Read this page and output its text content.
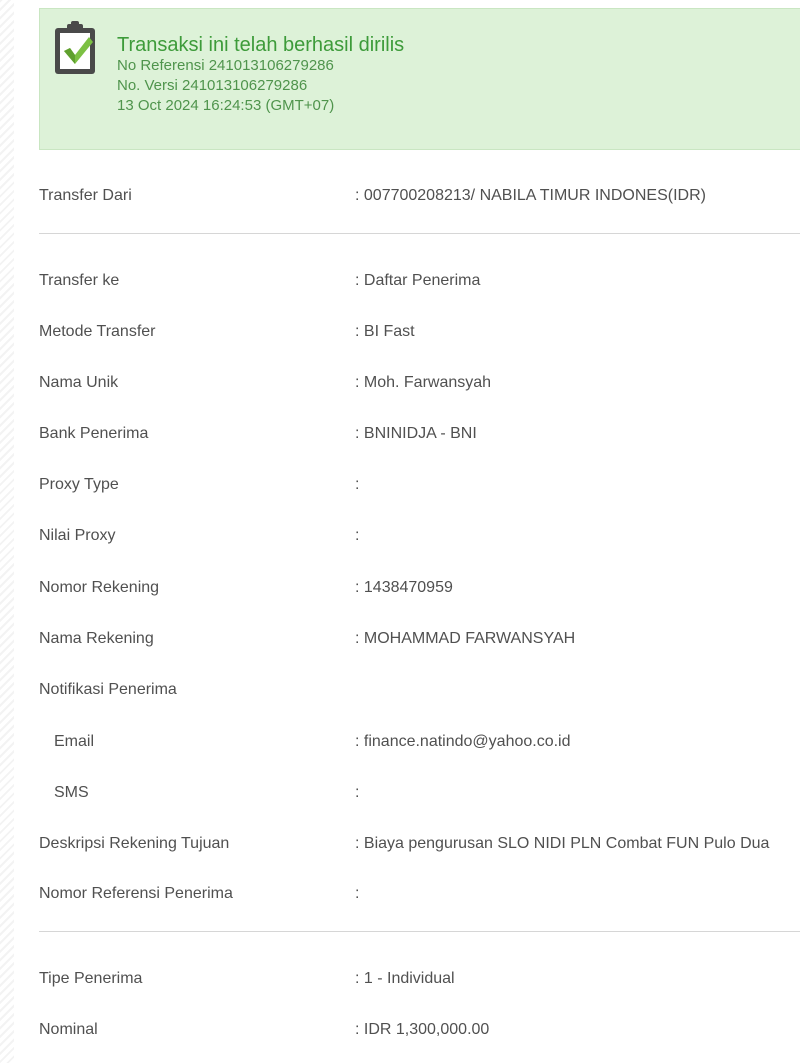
Transaksi ini telah berhasil dirilis
No Referensi 241013106279286
No. Versi 241013106279286
13 Oct 2024 16:24:53 (GMT+07)
Transfer Dari	: 007700208213/ NABILA TIMUR INDONES(IDR)
Transfer ke	: Daftar Penerima
Metode Transfer	: BI Fast
Nama Unik	: Moh. Farwansyah
Bank Penerima	: BNINIDJA - BNI
Proxy Type	:
Nilai Proxy	:
Nomor Rekening	: 1438470959
Nama Rekening	: MOHAMMAD FARWANSYAH
Notifikasi Penerima
Email	: finance.natindo@yahoo.co.id
SMS	:
Deskripsi Rekening Tujuan	: Biaya pengurusan SLO NIDI PLN Combat FUN Pulo Dua
Nomor Referensi Penerima	:
Tipe Penerima	: 1 - Individual
Nominal	: IDR 1,300,000.00
